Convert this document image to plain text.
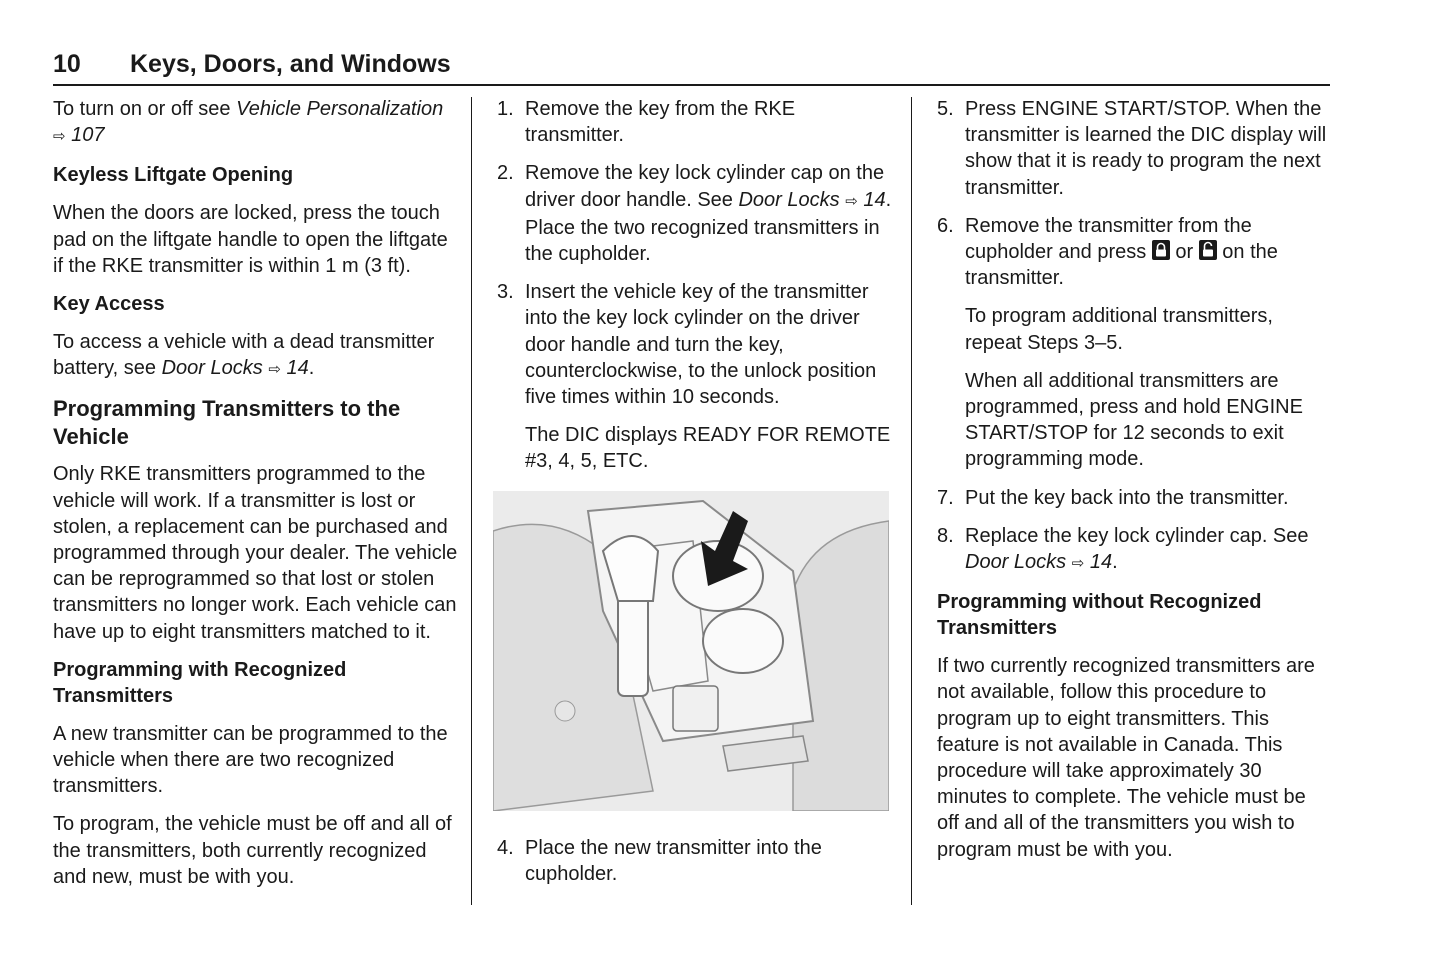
10 Keys, Doors, and Windows

To turn on or off see Vehicle Personalization
⇨ 107

Keyless Liftgate Opening

When the doors are locked, press the touch pad on the liftgate handle to open the liftgate if the RKE transmitter is within 1 m (3 ft).

Key Access

To access a vehicle with a dead transmitter battery, see Door Locks ⇨ 14.

Programming Transmitters to the Vehicle

Only RKE transmitters programmed to the vehicle will work. If a transmitter is lost or stolen, a replacement can be purchased and programmed through your dealer. The vehicle can be reprogrammed so that lost or stolen transmitters no longer work. Each vehicle can have up to eight transmitters matched to it.

Programming with Recognized Transmitters

A new transmitter can be programmed to the vehicle when there are two recognized transmitters.

To program, the vehicle must be off and all of the transmitters, both currently recognized and new, must be with you.

1. Remove the key from the RKE transmitter.
2. Remove the key lock cylinder cap on the driver door handle. See Door Locks ⇨ 14. Place the two recognized transmitters in the cupholder.
3. Insert the vehicle key of the transmitter into the key lock cylinder on the driver door handle and turn the key, counterclockwise, to the unlock position five times within 10 seconds.

The DIC displays READY FOR REMOTE #3, 4, 5, ETC.

4. Place the new transmitter into the cupholder.
5. Press ENGINE START/STOP. When the transmitter is learned the DIC display will show that it is ready to program the next transmitter.
6. Remove the transmitter from the cupholder and press or on the transmitter.

To program additional transmitters, repeat Steps 3–5.

When all additional transmitters are programmed, press and hold ENGINE START/STOP for 12 seconds to exit programming mode.

7. Put the key back into the transmitter.
8. Replace the key lock cylinder cap. See Door Locks ⇨ 14.
Programming without Recognized Transmitters

If two currently recognized transmitters are not available, follow this procedure to program up to eight transmitters. This feature is not available in Canada. This procedure will take approximately 30 minutes to complete. The vehicle must be off and all of the transmitters you wish to program must be with you.
